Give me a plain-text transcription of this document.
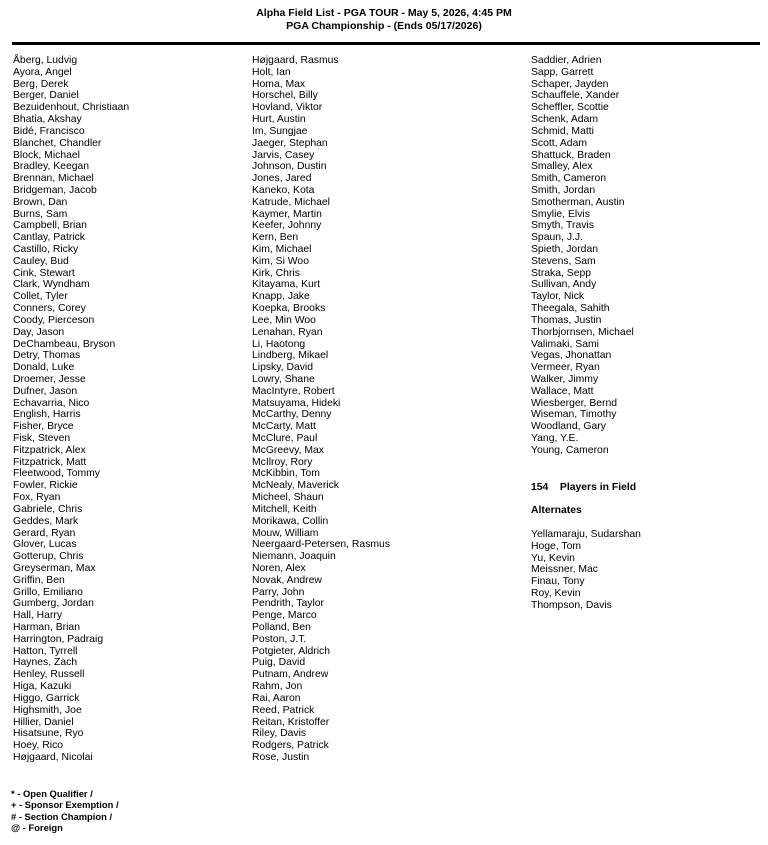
Alpha Field List - PGA TOUR - May 5, 2026, 4:45 PM
PGA Championship - (Ends 05/17/2026)
Åberg, Ludvig
Ayora, Angel
Berg, Derek
Berger, Daniel
Bezuidenhout, Christiaan
Bhatia, Akshay
Bidé, Francisco
Blanchet, Chandler
Block, Michael
Bradley, Keegan
Brennan, Michael
Bridgeman, Jacob
Brown, Dan
Burns, Sam
Campbell, Brian
Cantlay, Patrick
Castillo, Ricky
Cauley, Bud
Cink, Stewart
Clark, Wyndham
Collet, Tyler
Conners, Corey
Coody, Pierceson
Day, Jason
DeChambeau, Bryson
Detry, Thomas
Donald, Luke
Droemer, Jesse
Dufner, Jason
Echavarria, Nico
English, Harris
Fisher, Bryce
Fisk, Steven
Fitzpatrick, Alex
Fitzpatrick, Matt
Fleetwood, Tommy
Fowler, Rickie
Fox, Ryan
Gabriele, Chris
Geddes, Mark
Gerard, Ryan
Glover, Lucas
Gotterup, Chris
Greyserman, Max
Griffin, Ben
Grillo, Emiliano
Gumberg, Jordan
Hall, Harry
Harman, Brian
Harrington, Padraig
Hatton, Tyrrell
Haynes, Zach
Henley, Russell
Higa, Kazuki
Higgo, Garrick
Highsmith, Joe
Hillier, Daniel
Hisatsune, Ryo
Hoey, Rico
Højgaard, Nicolai
Højgaard, Rasmus
Holt, Ian
Homa, Max
Horschel, Billy
Hovland, Viktor
Hurt, Austin
Im, Sungjae
Jaeger, Stephan
Jarvis, Casey
Johnson, Dustin
Jones, Jared
Kaneko, Kota
Katrude, Michael
Kaymer, Martin
Keefer, Johnny
Kern, Ben
Kim, Michael
Kim, Si Woo
Kirk, Chris
Kitayama, Kurt
Knapp, Jake
Koepka, Brooks
Lee, Min Woo
Lenahan, Ryan
Li, Haotong
Lindberg, Mikael
Lipsky, David
Lowry, Shane
MacIntyre, Robert
Matsuyama, Hideki
McCarthy, Denny
McCarty, Matt
McClure, Paul
McGreevy, Max
McIlroy, Rory
McKibbin, Tom
McNealy, Maverick
Micheel, Shaun
Mitchell, Keith
Morikawa, Collin
Mouw, William
Neergaard-Petersen, Rasmus
Niemann, Joaquin
Noren, Alex
Novak, Andrew
Parry, John
Pendrith, Taylor
Penge, Marco
Polland, Ben
Poston, J.T.
Potgieter, Aldrich
Puig, David
Putnam, Andrew
Rahm, Jon
Rai, Aaron
Reed, Patrick
Reitan, Kristoffer
Riley, Davis
Rodgers, Patrick
Rose, Justin
Saddier, Adrien
Sapp, Garrett
Schaper, Jayden
Schauffele, Xander
Scheffler, Scottie
Schenk, Adam
Schmid, Matti
Scott, Adam
Shattuck, Braden
Smalley, Alex
Smith, Cameron
Smith, Jordan
Smotherman, Austin
Smylie, Elvis
Smyth, Travis
Spaun, J.J.
Spieth, Jordan
Stevens, Sam
Straka, Sepp
Sullivan, Andy
Taylor, Nick
Theegala, Sahith
Thomas, Justin
Thorbjornsen, Michael
Valimaki, Sami
Vegas, Jhonattan
Vermeer, Ryan
Walker, Jimmy
Wallace, Matt
Wiesberger, Bernd
Wiseman, Timothy
Woodland, Gary
Yang, Y.E.
Young, Cameron
154 Players in Field
Alternates
Yellamaraju, Sudarshan
Hoge, Tom
Yu, Kevin
Meissner, Mac
Finau, Tony
Roy, Kevin
Thompson, Davis
* - Open Qualifier /
+ - Sponsor Exemption /
# - Section Champion /
@ - Foreign
